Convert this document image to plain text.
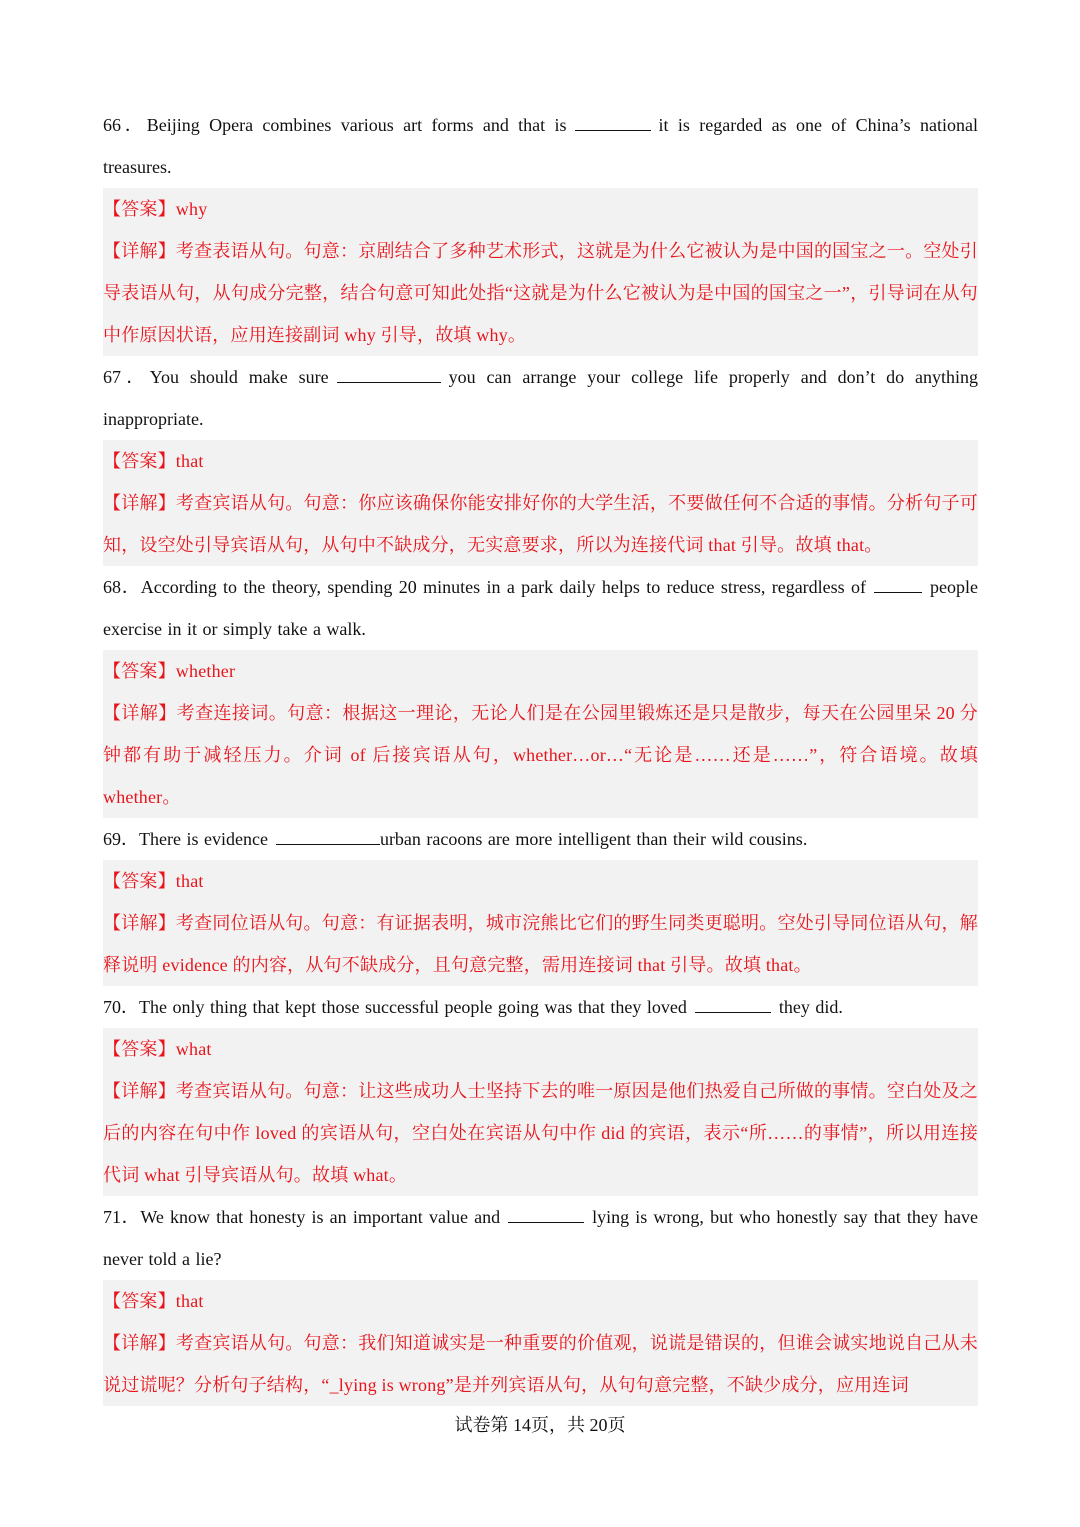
66．Beijing Opera combines various art forms and that is	it is regarded as one of China’s national treasures.

【答案】why

【详解】考查表语从句。句意：京剧结合了多种艺术形式，这就是为什么它被认为是中国的国宝之一。空处引导表语从句，从句成分完整，结合句意可知此处指“这就是为什么它被认为是中国的国宝之一”，引导词在从句中作原因状语，应用连接副词 why 引导，故填 why。

67．You should make sure	you can arrange your college life properly and don’t do anything inappropriate.

【答案】that

【详解】考查宾语从句。句意：你应该确保你能安排好你的大学生活，不要做任何不合适的事情。分析句子可知，设空处引导宾语从句，从句中不缺成分，无实意要求，所以为连接代词 that 引导。故填 that。

68．According to the theory, spending 20 minutes in a park daily helps to reduce stress, regardless of	people exercise in it or simply take a walk.

【答案】whether

【详解】考查连接词。句意：根据这一理论，无论人们是在公园里锻炼还是只是散步，每天在公园里呆 20 分钟都有助于减轻压力。介词 of 后接宾语从句，whether…or…“无论是……还是……”，符合语境。故填 whether。

69．There is evidence	urban racoons are more intelligent than their wild cousins.

【答案】that

【详解】考查同位语从句。句意：有证据表明，城市浣熊比它们的野生同类更聪明。空处引导同位语从句，解释说明 evidence 的内容，从句不缺成分，且句意完整，需用连接词 that 引导。故填 that。

70．The only thing that kept those successful people going was that they loved	they did.

【答案】what

【详解】考查宾语从句。句意：让这些成功人士坚持下去的唯一原因是他们热爱自己所做的事情。空白处及之后的内容在句中作 loved 的宾语从句，空白处在宾语从句中作 did 的宾语，表示“所……的事情”，所以用连接代词 what 引导宾语从句。故填 what。

71．We know that honesty is an important value and	lying is wrong, but who honestly say that they have never told a lie?

【答案】that

【详解】考查宾语从句。句意：我们知道诚实是一种重要的价值观，说谎是错误的，但谁会诚实地说自己从未说过谎呢？分析句子结构，“_lying is wrong”是并列宾语从句，从句句意完整，不缺少成分，应用连词

试卷第 14页，共 20页
